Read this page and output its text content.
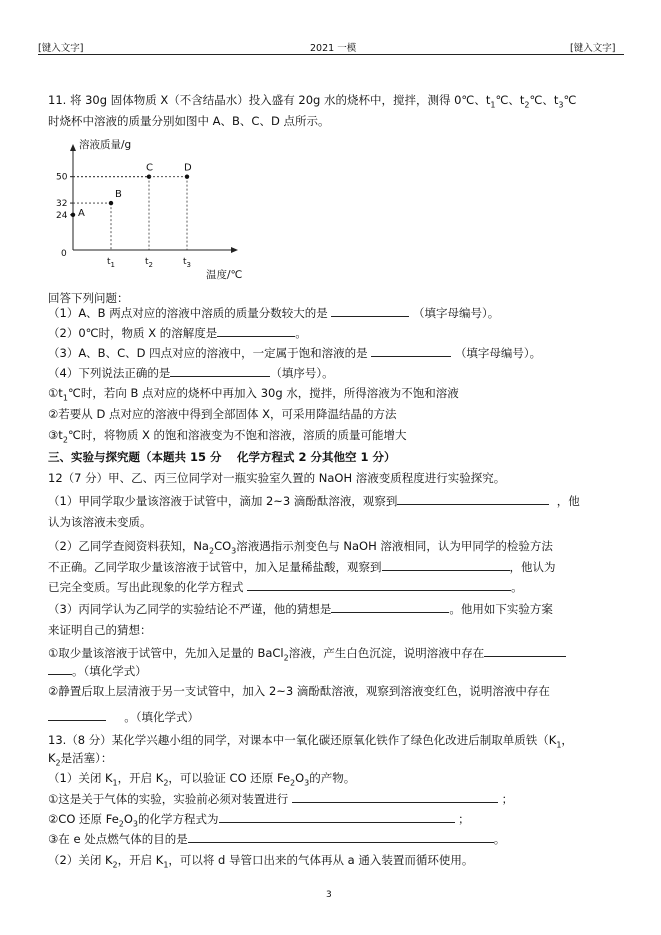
[键入文字]	2021 一模	[键入文字]
11. 将 30g 固体物质 X（不含结晶水）投入盛有 20g 水的烧杯中，搅拌，测得 0℃、$t_1℃$、$t_2℃$、$t_3℃$
时烧杯中溶液的质量分别如图中 A、B、C、D 点所示。
溶液质量/g
0
24
32
50
$t_1$	$t_2$	$t_3$
温度/℃
A
B
C	D
回答下列问题：
（1）A、B 两点对应的溶液中溶质的质量分数较大的是	（填字母编号）。
（2）0℃时，物质 X 的溶解度是	。
（3）A、B、C、D 四点对应的溶液中，一定属于饱和溶液的是	（填字母编号）。
（4）下列说法正确的是	（填序号）。
$①t_1℃$时，若向 B 点对应的烧杯中再加入 30g 水，搅拌，所得溶液为不饱和溶液
②若要从 D 点对应的溶液中得到全部固体 X，可采用降温结晶的方法
$③t_2℃$时，将物质 X 的饱和溶液变为不饱和溶液，溶质的质量可能增大
三、实验与探究题（本题共 15 分　 化学方程式 2 分其他空 1 分）
12（7 分）甲、乙、丙三位同学对一瓶实验室久置的 NaOH 溶液变质程度进行实验探究。
（1）甲同学取少量该溶液于试管中，滴加 2~3 滴酚酞溶液，观察到	，他
认为该溶液未变质。
（2）乙同学查阅资料获知，$Na_2CO_3$溶液遇指示剂变色与 NaOH 溶液相同，认为甲同学的检验方法
不正确。乙同学取少量该溶液于试管中，加入足量稀盐酸，观察到	，他认为
已完全变质。写出此现象的化学方程式	。
（3）丙同学认为乙同学的实验结论不严谨，他的猜想是	。他用如下实验方案
来证明自己的猜想：
①取少量该溶液于试管中，先加入足量的 BaCl$_2$溶液，产生白色沉淀，说明溶液中存在
。（填化学式）
②静置后取上层清液于另一支试管中，加入 2~3 滴酚酞溶液，观察到溶液变红色，说明溶液中存在
。（填化学式）
13.（8 分）某化学兴趣小组的同学，对课本中一氧化碳还原氧化铁作了绿色化改进后制取单质铁（$K_1$，
$K_2$是活塞）：
（1）关闭 $K_1$，开启 $K_2$，可以验证 CO 还原 $Fe_2O_3$的产物。
①这是关于气体的实验，实验前必须对装置进行	；
②CO 还原 $Fe_2O_3$的化学方程式为	；
③在 e 处点燃气体的目的是	。
（2）关闭 $K_2$，开启 $K_1$，可以将 d 导管口出来的气体再从 a 通入装置而循环使用。
3
